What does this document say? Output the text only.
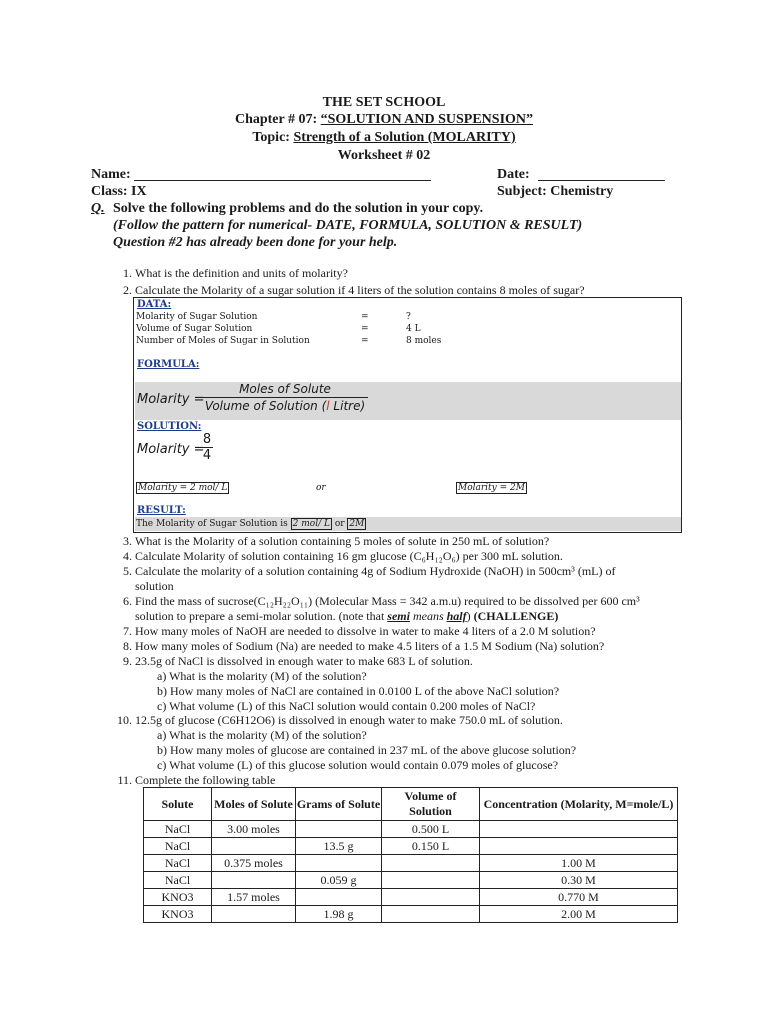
THE SET SCHOOL
Chapter # 07: “SOLUTION AND SUSPENSION”
Topic: Strength of a Solution (MOLARITY)
Worksheet # 02
Name:	Date:
Class: IX	Subject: Chemistry
Q. Solve the following problems and do the solution in your copy.
(Follow the pattern for numerical- DATE, FORMULA, SOLUTION & RESULT)
Question #2 has already been done for your help.
1. What is the definition and units of molarity?
2. Calculate the Molarity of a sugar solution if 4 liters of the solution contains 8 moles of sugar?
DATA:
Molarity of Sugar Solution	=	?
Volume of Sugar Solution	=	4 L
Number of Moles of Sugar in Solution	=	8 moles
FORMULA:
Molarity =
Moles of Solute
Volume of Solution (l Litre)
SOLUTION:
Molarity =
8
4
Molarity = 2 mol/ L	or	Molarity = 2M
RESULT:
The Molarity of Sugar Solution is 2 mol/ L or 2M
3. What is the Molarity of a solution containing 5 moles of solute in 250 mL of solution?
4. Calculate Molarity of solution containing 16 gm glucose (C₆H₁₂O₆) per 300 mL solution.
5. Calculate the molarity of a solution containing 4g of Sodium Hydroxide (NaOH) in 500cm³ (mL) of
solution
6. Find the mass of sucrose(C₁₂H₂₂O₁₁) (Molecular Mass = 342 a.m.u) required to be dissolved per 600 cm³
solution to prepare a semi-molar solution. (note that semi means half) (CHALLENGE)
7. How many moles of NaOH are needed to dissolve in water to make 4 liters of a 2.0 M solution?
8. How many moles of Sodium (Na) are needed to make 4.5 liters of a 1.5 M Sodium (Na) solution?
9. 23.5g of NaCl is dissolved in enough water to make 683 L of solution.
a) What is the molarity (M) of the solution?
b) How many moles of NaCl are contained in 0.0100 L of the above NaCl solution?
c) What volume (L) of this NaCl solution would contain 0.200 moles of NaCl?
10. 12.5g of glucose (C6H12O6) is dissolved in enough water to make 750.0 mL of solution.
a) What is the molarity (M) of the solution?
b) How many moles of glucose are contained in 237 mL of the above glucose solution?
c) What volume (L) of this glucose solution would contain 0.079 moles of glucose?
11. Complete the following table
Solute	Moles of Solute	Grams of Solute	Volume of Solution	Concentration (Molarity, M=mole/L)
NaCl	3.00 moles		0.500 L	
NaCl		13.5 g	0.150 L	
NaCl	0.375 moles			1.00 M
NaCl		0.059 g		0.30 M
KNO3	1.57 moles			0.770 M
KNO3		1.98 g		2.00 M
